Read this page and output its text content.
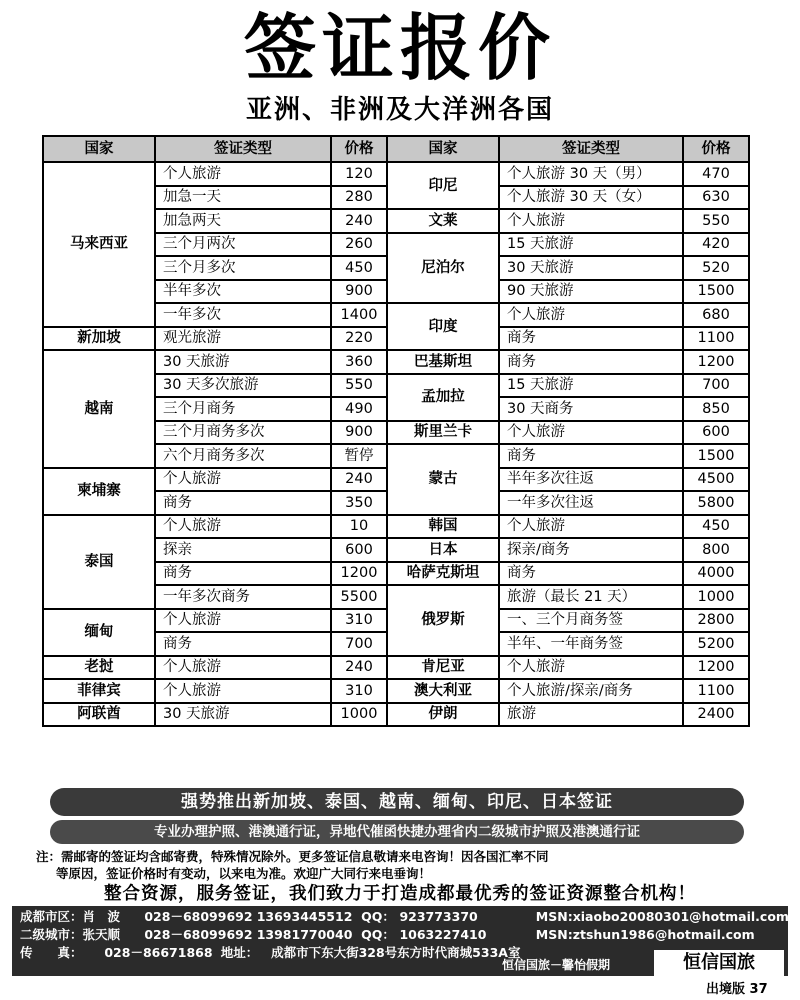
签证报价
亚洲、非洲及大洋洲各国
国家	签证类型	价格	国家	签证类型	价格
马来西亚	个人旅游	120	印尼	个人旅游 30 天（男）	470
	加急一天	280		个人旅游 30 天（女）	630
	加急两天	240	文莱	个人旅游	550
	三个月两次	260	尼泊尔	15 天旅游	420
	三个月多次	450		30 天旅游	520
	半年多次	900		90 天旅游	1500
	一年多次	1400	印度	个人旅游	680
新加坡	观光旅游	220		商务	1100
越南	30 天旅游	360	巴基斯坦	商务	1200
	30 天多次旅游	550	孟加拉	15 天旅游	700
	三个月商务	490		30 天商务	850
	三个月商务多次	900	斯里兰卡	个人旅游	600
	六个月商务多次	暂停	蒙古	商务	1500
柬埔寨	个人旅游	240		半年多次往返	4500
	商务	350		一年多次往返	5800
泰国	个人旅游	10	韩国	个人旅游	450
	探亲	600	日本	探亲/商务	800
	商务	1200	哈萨克斯坦	商务	4000
	一年多次商务	5500	俄罗斯	旅游（最长 21 天）	1000
缅甸	个人旅游	310		一、三个月商务签	2800
	商务	700		半年、一年商务签	5200
老挝	个人旅游	240	肯尼亚	个人旅游	1200
菲律宾	个人旅游	310	澳大利亚	个人旅游/探亲/商务	1100
阿联酋	30 天旅游	1000	伊朗	旅游	2400
强势推出新加坡、泰国、越南、缅甸、印尼、日本签证
专业办理护照、港澳通行证，异地代催函快捷办理省内二级城市护照及港澳通行证
注：需邮寄的签证均含邮寄费，特殊情况除外。更多签证信息敬请来电咨询！因各国汇率不同
等原因，签证价格时有变动，以来电为准。欢迎广大同行来电垂询！
整合资源，服务签证，我们致力于打造成都最优秀的签证资源整合机构！
成都市区：肖　波 028－68099692 13693445512 QQ： 923773370	MSN:xiaobo20080301@hotmail.com
二级城市：张天顺 028－68099692 13981770040 QQ： 1063227410	MSN:ztshun1986@hotmail.com
传　　真： 028－86671868 地址： 成都市下东大街328号东方时代商城533A室
恒信国旅－馨怡假期	恒信国旅
出境版 37
